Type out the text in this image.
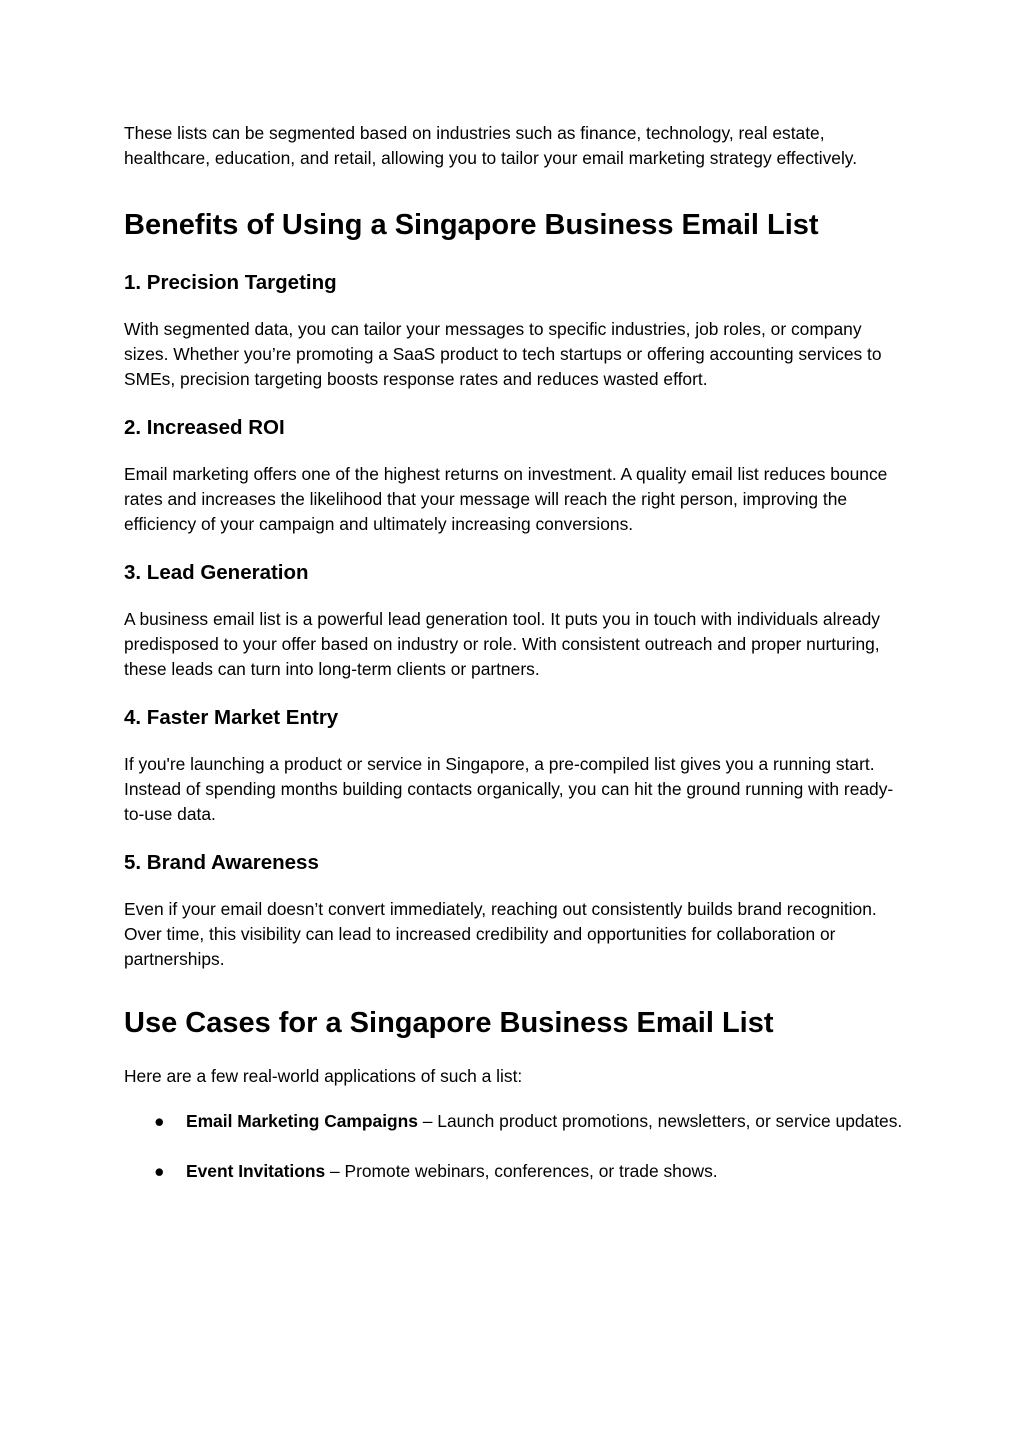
These lists can be segmented based on industries such as finance, technology, real estate, healthcare, education, and retail, allowing you to tailor your email marketing strategy effectively.

Benefits of Using a Singapore Business Email List
1. Precision Targeting

With segmented data, you can tailor your messages to specific industries, job roles, or company sizes. Whether you’re promoting a SaaS product to tech startups or offering accounting services to SMEs, precision targeting boosts response rates and reduces wasted effort.

2. Increased ROI

Email marketing offers one of the highest returns on investment. A quality email list reduces bounce rates and increases the likelihood that your message will reach the right person, improving the efficiency of your campaign and ultimately increasing conversions.

3. Lead Generation

A business email list is a powerful lead generation tool. It puts you in touch with individuals already predisposed to your offer based on industry or role. With consistent outreach and proper nurturing, these leads can turn into long-term clients or partners.

4. Faster Market Entry

If you're launching a product or service in Singapore, a pre-compiled list gives you a running start. Instead of spending months building contacts organically, you can hit the ground running with ready-to-use data.

5. Brand Awareness

Even if your email doesn’t convert immediately, reaching out consistently builds brand recognition. Over time, this visibility can lead to increased credibility and opportunities for collaboration or partnerships.

Use Cases for a Singapore Business Email List

Here are a few real-world applications of such a list:

● Email Marketing Campaigns – Launch product promotions, newsletters, or service updates.
● Event Invitations – Promote webinars, conferences, or trade shows.
